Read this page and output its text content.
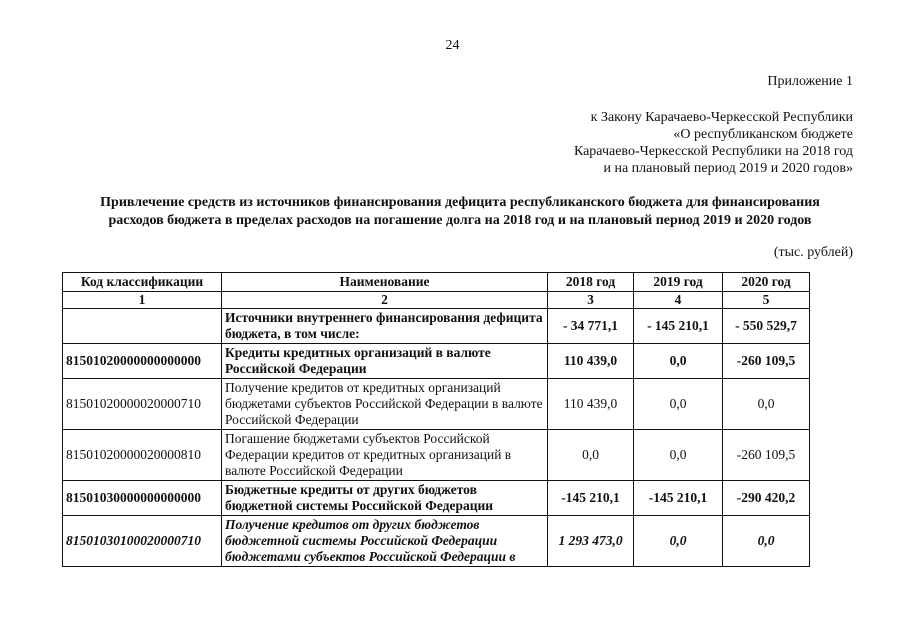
24
Приложение 1
к Закону Карачаево-Черкесской Республики
«О республиканском бюджете
Карачаево-Черкесской Республики на 2018 год
и на плановый период 2019 и 2020 годов»
Привлечение средств из источников финансирования дефицита республиканского бюджета для финансирования
расходов бюджета в пределах расходов на погашение долга на 2018 год и на плановый период 2019 и 2020 годов
(тыс. рублей)
Код классификации	Наименование	2018 год	2019 год	2020 год
1	2	3	4	5
	Источники внутреннего финансирования дефицита бюджета, в том числе:	- 34 771,1	- 145 210,1	- 550 529,7
81501020000000000000	Кредиты кредитных организаций в валюте Российской Федерации	110 439,0	0,0	-260 109,5
81501020000020000710	Получение кредитов от кредитных организаций бюджетами субъектов Российской Федерации в валюте Российской Федерации	110 439,0	0,0	0,0
81501020000020000810	Погашение бюджетами субъектов Российской Федерации кредитов от кредитных организаций в валюте Российской Федерации	0,0	0,0	-260 109,5
81501030000000000000	Бюджетные кредиты от других бюджетов бюджетной системы Российской Федерации	-145 210,1	-145 210,1	-290 420,2
81501030100020000710	Получение кредитов от других бюджетов бюджетной системы Российской Федерации бюджетами субъектов Российской Федерации в	1 293 473,0	0,0	0,0
